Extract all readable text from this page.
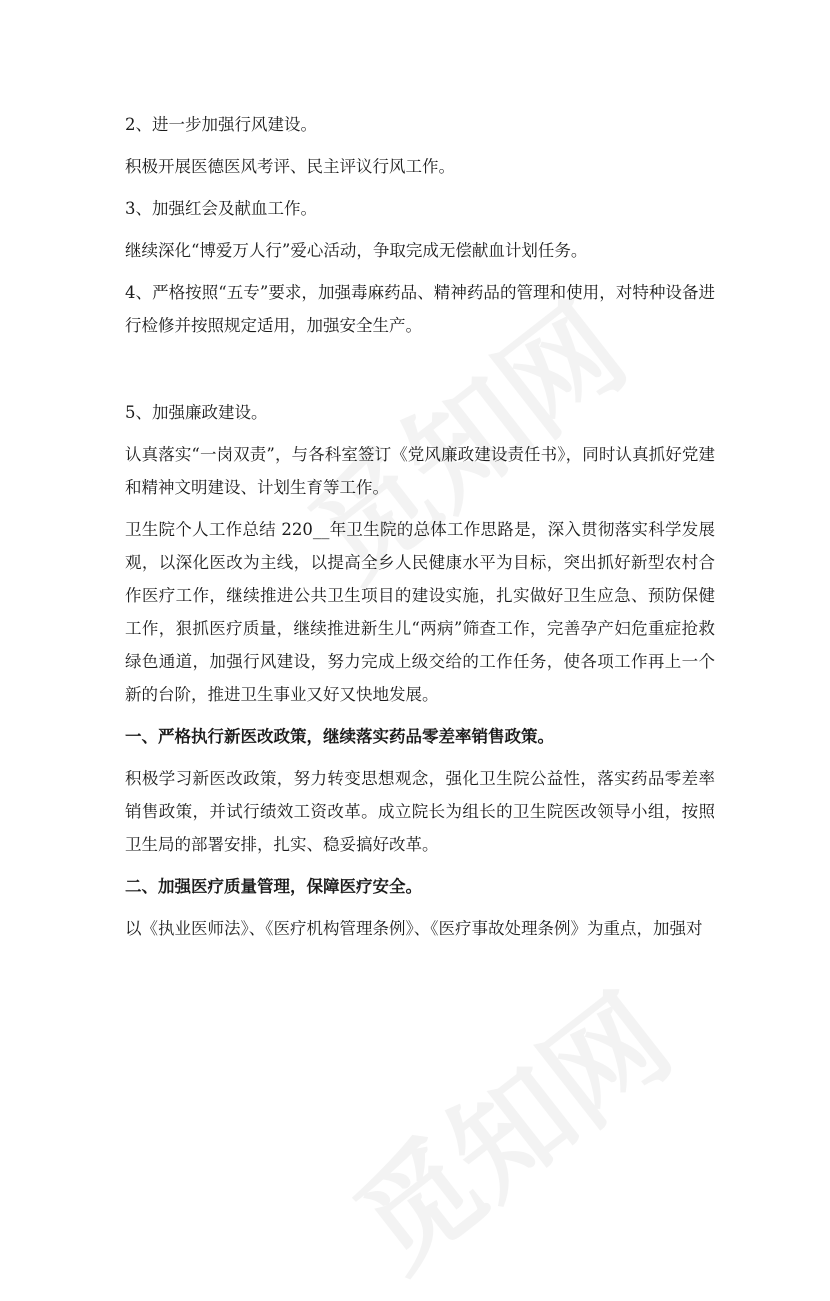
2、进一步加强行风建设。

积极开展医德医风考评、民主评议行风工作。

3、加强红会及献血工作。

继续深化“博爱万人行”爱心活动，争取完成无偿献血计划任务。

4、严格按照“五专”要求，加强毒麻药品、精神药品的管理和使用，对特种设备进行检修并按照规定适用，加强安全生产。

5、加强廉政建设。

认真落实“一岗双责”，与各科室签订《党风廉政建设责任书》，同时认真抓好党建和精神文明建设、计划生育等工作。

卫生院个人工作总结 220__年卫生院的总体工作思路是，深入贯彻落实科学发展观，以深化医改为主线，以提高全乡人民健康水平为目标，突出抓好新型农村合作医疗工作，继续推进公共卫生项目的建设实施，扎实做好卫生应急、预防保健工作，狠抓医疗质量，继续推进新生儿“两病”筛查工作，完善孕产妇危重症抢救绿色通道，加强行风建设，努力完成上级交给的工作任务，使各项工作再上一个新的台阶，推进卫生事业又好又快地发展。

一、严格执行新医改政策，继续落实药品零差率销售政策。

积极学习新医改政策，努力转变思想观念，强化卫生院公益性，落实药品零差率销售政策，并试行绩效工资改革。成立院长为组长的卫生院医改领导小组，按照卫生局的部署安排，扎实、稳妥搞好改革。

二、加强医疗质量管理，保障医疗安全。

以《执业医师法》、《医疗机构管理条例》、《医疗事故处理条例》为重点，加强对
